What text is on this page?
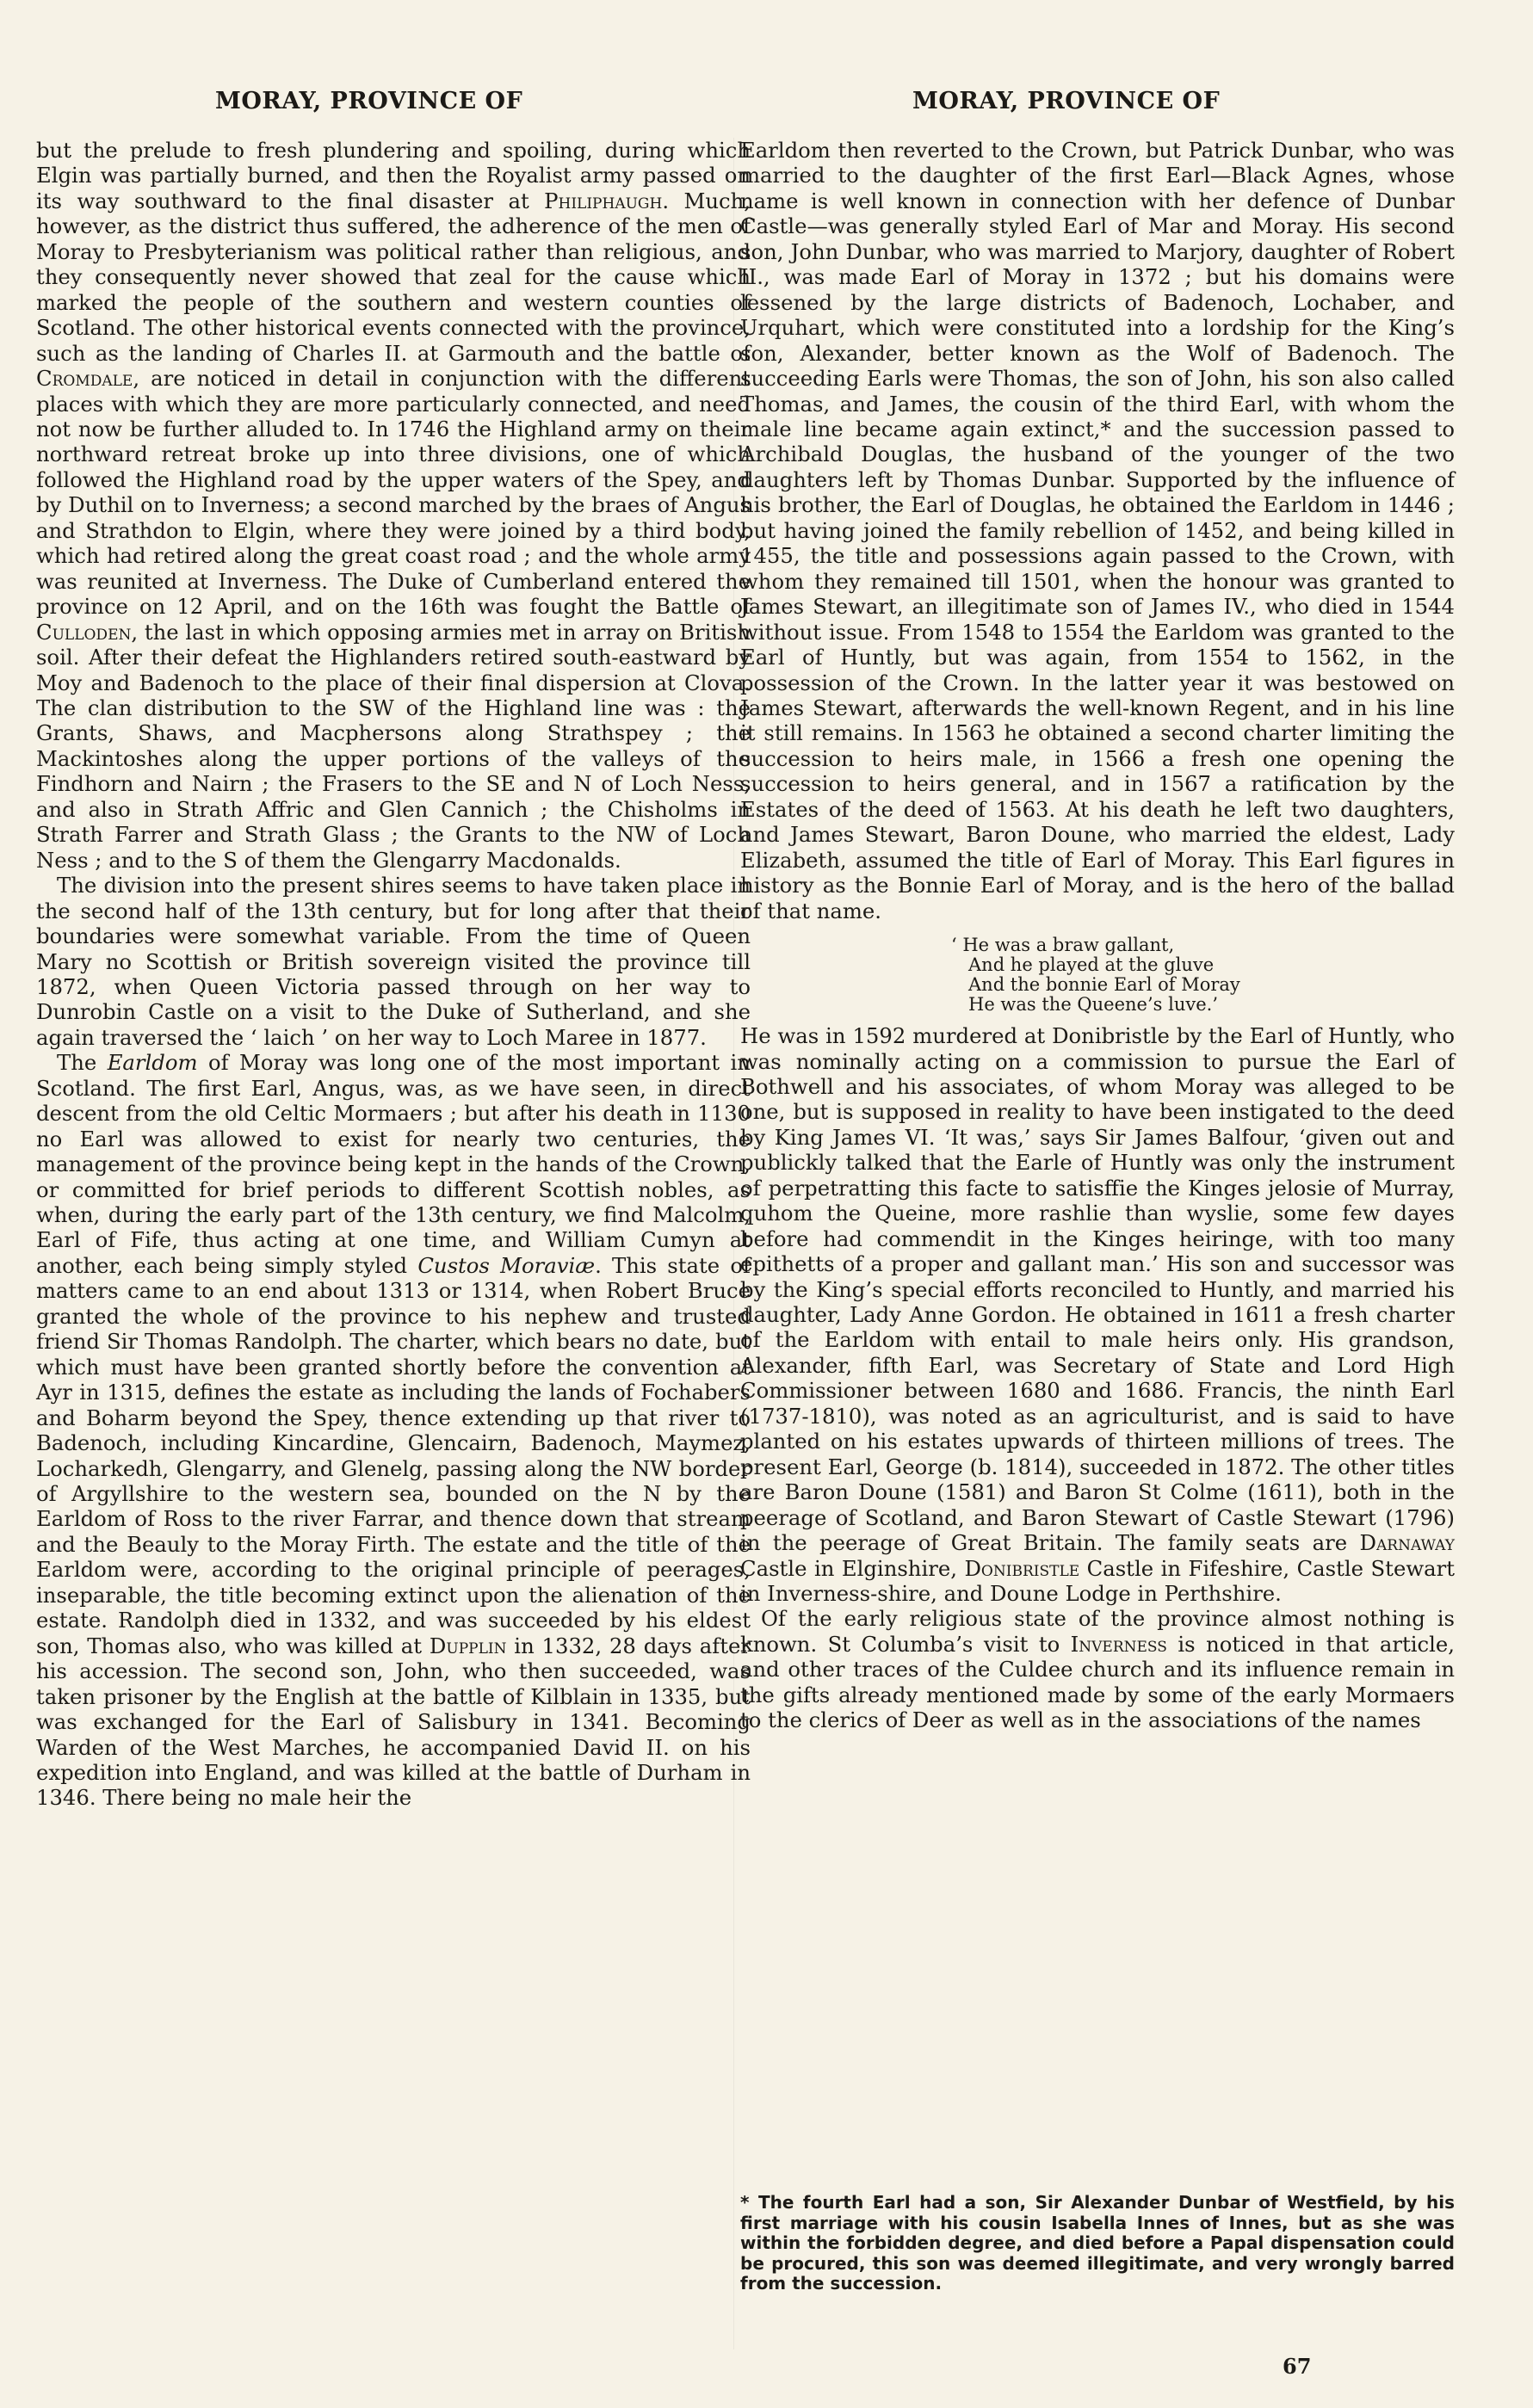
MORAY, PROVINCE OF	MORAY, PROVINCE OF

but the prelude to fresh plundering and spoiling, during which Elgin was partially burned, and then the Royalist army passed on its way southward to the final disaster at Philiphaugh. Much, however, as the district thus suffered, the adherence of the men of Moray to Presbyterianism was political rather than religious, and they consequently never showed that zeal for the cause which marked the people of the southern and western counties of Scotland. The other historical events connected with the province, such as the landing of Charles II. at Garmouth and the battle of Cromdale, are noticed in detail in conjunction with the different places with which they are more particularly connected, and need not now be further alluded to. In 1746 the Highland army on their northward retreat broke up into three divisions, one of which followed the Highland road by the upper waters of the Spey, and by Duthil on to Inverness; a second marched by the braes of Angus and Strathdon to Elgin, where they were joined by a third body, which had retired along the great coast road ; and the whole army was reunited at Inverness. The Duke of Cumberland entered the province on 12 April, and on the 16th was fought the Battle of Culloden, the last in which opposing armies met in array on British soil. After their defeat the Highlanders retired south-eastward by Moy and Badenoch to the place of their final dispersion at Clova. The clan distribution to the SW of the Highland line was : the Grants, Shaws, and Macphersons along Strathspey ; the Mackintoshes along the upper portions of the valleys of the Findhorn and Nairn ; the Frasers to the SE and N of Loch Ness, and also in Strath Affric and Glen Cannich ; the Chisholms in Strath Farrer and Strath Glass ; the Grants to the NW of Loch Ness ; and to the S of them the Glengarry Macdonalds.

The division into the present shires seems to have taken place in the second half of the 13th century, but for long after that their boundaries were somewhat variable. From the time of Queen Mary no Scottish or British sovereign visited the province till 1872, when Queen Victoria passed through on her way to Dunrobin Castle on a visit to the Duke of Sutherland, and she again traversed the ‘ laich ’ on her way to Loch Maree in 1877.

The Earldom of Moray was long one of the most important in Scotland. The first Earl, Angus, was, as we have seen, in direct descent from the old Celtic Mormaers ; but after his death in 1130 no Earl was allowed to exist for nearly two centuries, the management of the province being kept in the hands of the Crown, or committed for brief periods to different Scottish nobles, as when, during the early part of the 13th century, we find Malcolm, Earl of Fife, thus acting at one time, and William Cumyn at another, each being simply styled Custos Moraviæ. This state of matters came to an end about 1313 or 1314, when Robert Bruce granted the whole of the province to his nephew and trusted friend Sir Thomas Randolph. The charter, which bears no date, but which must have been granted shortly before the convention at Ayr in 1315, defines the estate as including the lands of Fochabers and Boharm beyond the Spey, thence extending up that river to Badenoch, including Kincardine, Glencairn, Badenoch, Maymez, Locharkedh, Glengarry, and Glenelg, passing along the NW border of Argyllshire to the western sea, bounded on the N by the Earldom of Ross to the river Farrar, and thence down that stream and the Beauly to the Moray Firth. The estate and the title of the Earldom were, according to the original principle of peerages, inseparable, the title becoming extinct upon the alienation of the estate. Randolph died in 1332, and was succeeded by his eldest son, Thomas also, who was killed at Dupplin in 1332, 28 days after his accession. The second son, John, who then succeeded, was taken prisoner by the English at the battle of Kilblain in 1335, but was exchanged for the Earl of Salisbury in 1341. Becoming Warden of the West Marches, he accompanied David II. on his expedition into England, and was killed at the battle of Durham in 1346. There being no male heir the

Earldom then reverted to the Crown, but Patrick Dunbar, who was married to the daughter of the first Earl—Black Agnes, whose name is well known in connection with her defence of Dunbar Castle—was generally styled Earl of Mar and Moray. His second son, John Dunbar, who was married to Marjory, daughter of Robert II., was made Earl of Moray in 1372 ; but his domains were lessened by the large districts of Badenoch, Lochaber, and Urquhart, which were constituted into a lordship for the King’s son, Alexander, better known as the Wolf of Badenoch. The succeeding Earls were Thomas, the son of John, his son also called Thomas, and James, the cousin of the third Earl, with whom the male line became again extinct,* and the succession passed to Archibald Douglas, the husband of the younger of the two daughters left by Thomas Dunbar. Supported by the influence of his brother, the Earl of Douglas, he obtained the Earldom in 1446 ; but having joined the family rebellion of 1452, and being killed in 1455, the title and possessions again passed to the Crown, with whom they remained till 1501, when the honour was granted to James Stewart, an illegitimate son of James IV., who died in 1544 without issue. From 1548 to 1554 the Earldom was granted to the Earl of Huntly, but was again, from 1554 to 1562, in the possession of the Crown. In the latter year it was bestowed on James Stewart, afterwards the well-known Regent, and in his line it still remains. In 1563 he obtained a second charter limiting the succession to heirs male, in 1566 a fresh one opening the succession to heirs general, and in 1567 a ratification by the Estates of the deed of 1563. At his death he left two daughters, and James Stewart, Baron Doune, who married the eldest, Lady Elizabeth, assumed the title of Earl of Moray. This Earl figures in history as the Bonnie Earl of Moray, and is the hero of the ballad of that name.

‘ He was a braw gallant,
And he played at the gluve
And the bonnie Earl of Moray
He was the Queene’s luve.’

He was in 1592 murdered at Donibristle by the Earl of Huntly, who was nominally acting on a commission to pursue the Earl of Bothwell and his associates, of whom Moray was alleged to be one, but is supposed in reality to have been instigated to the deed by King James VI. ‘It was,’ says Sir James Balfour, ‘given out and publickly talked that the Earle of Huntly was only the instrument of perpetratting this facte to satisffie the Kinges jelosie of Murray, quhom the Queine, more rashlie than wyslie, some few dayes before had commendit in the Kinges heiringe, with too many epithetts of a proper and gallant man.’ His son and successor was by the King’s special efforts reconciled to Huntly, and married his daughter, Lady Anne Gordon. He obtained in 1611 a fresh charter of the Earldom with entail to male heirs only. His grandson, Alexander, fifth Earl, was Secretary of State and Lord High Commissioner between 1680 and 1686. Francis, the ninth Earl (1737-1810), was noted as an agriculturist, and is said to have planted on his estates upwards of thirteen millions of trees. The present Earl, George (b. 1814), succeeded in 1872. The other titles are Baron Doune (1581) and Baron St Colme (1611), both in the peerage of Scotland, and Baron Stewart of Castle Stewart (1796) in the peerage of Great Britain. The family seats are Darnaway Castle in Elginshire, Donibristle Castle in Fifeshire, Castle Stewart in Inverness-shire, and Doune Lodge in Perthshire.

Of the early religious state of the province almost nothing is known. St Columba’s visit to Inverness is noticed in that article, and other traces of the Culdee church and its influence remain in the gifts already mentioned made by some of the early Mormaers to the clerics of Deer as well as in the associations of the names

* The fourth Earl had a son, Sir Alexander Dunbar of Westfield, by his first marriage with his cousin Isabella Innes of Innes, but as she was within the forbidden degree, and died before a Papal dispensation could be procured, this son was deemed illegitimate, and very wrongly barred from the succession.
67
